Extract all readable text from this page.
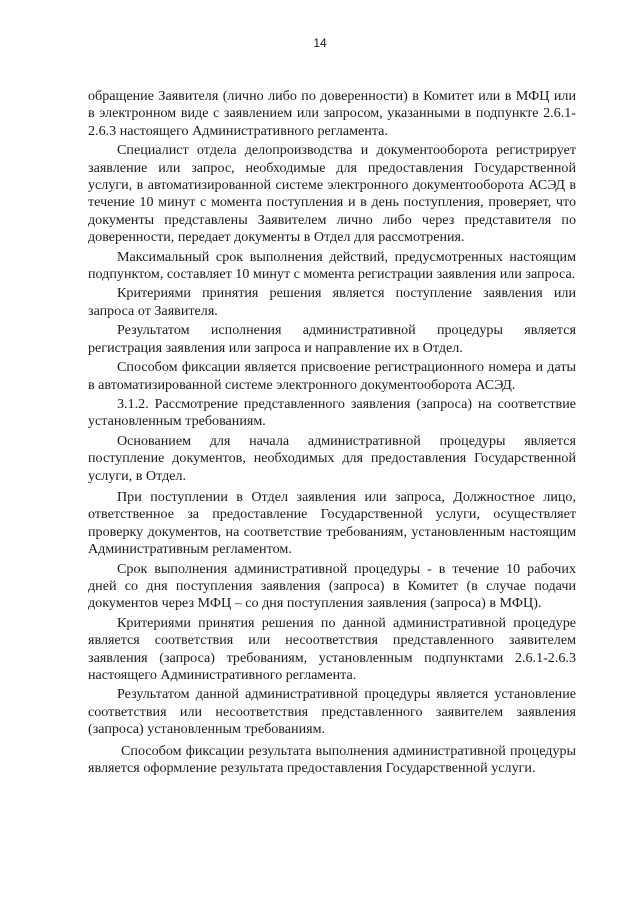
14

обращение Заявителя (лично либо по доверенности) в Комитет или в МФЦ или в электронном виде с заявлением или запросом, указанными в подпункте 2.6.1-2.6.3 настоящего Административного регламента.

Специалист отдела делопроизводства и документооборота регистрирует заявление или запрос, необходимые для предоставления Государственной услуги, в автоматизированной системе электронного документооборота АСЭД в течение 10 минут с момента поступления и в день поступления, проверяет, что документы представлены Заявителем лично либо через представителя по доверенности, передает документы в Отдел для рассмотрения.

Максимальный срок выполнения действий, предусмотренных настоящим подпунктом, составляет 10 минут с момента регистрации заявления или запроса.

Критериями принятия решения является поступление заявления или запроса от Заявителя.

Результатом исполнения административной процедуры является регистрация заявления или запроса и направление их в Отдел.

Способом фиксации является присвоение регистрационного номера и даты в автоматизированной системе электронного документооборота АСЭД.

3.1.2. Рассмотрение представленного заявления (запроса) на соответствие установленным требованиям.

Основанием для начала административной процедуры является поступление документов, необходимых для предоставления Государственной услуги, в Отдел.

При поступлении в Отдел заявления или запроса, Должностное лицо, ответственное за предоставление Государственной услуги, осуществляет проверку документов, на соответствие требованиям, установленным настоящим Административным регламентом.

Срок выполнения административной процедуры - в течение 10 рабочих дней со дня поступления заявления (запроса) в Комитет (в случае подачи документов через МФЦ – со дня поступления заявления (запроса) в МФЦ).

Критериями принятия решения по данной административной процедуре является соответствия или несоответствия представленного заявителем заявления (запроса) требованиям, установленным подпунктами 2.6.1-2.6.3 настоящего Административного регламента.

Результатом данной административной процедуры является установление соответствия или несоответствия представленного заявителем заявления (запроса) установленным требованиям.

Способом фиксации результата выполнения административной процедуры является оформление результата предоставления Государственной услуги.
